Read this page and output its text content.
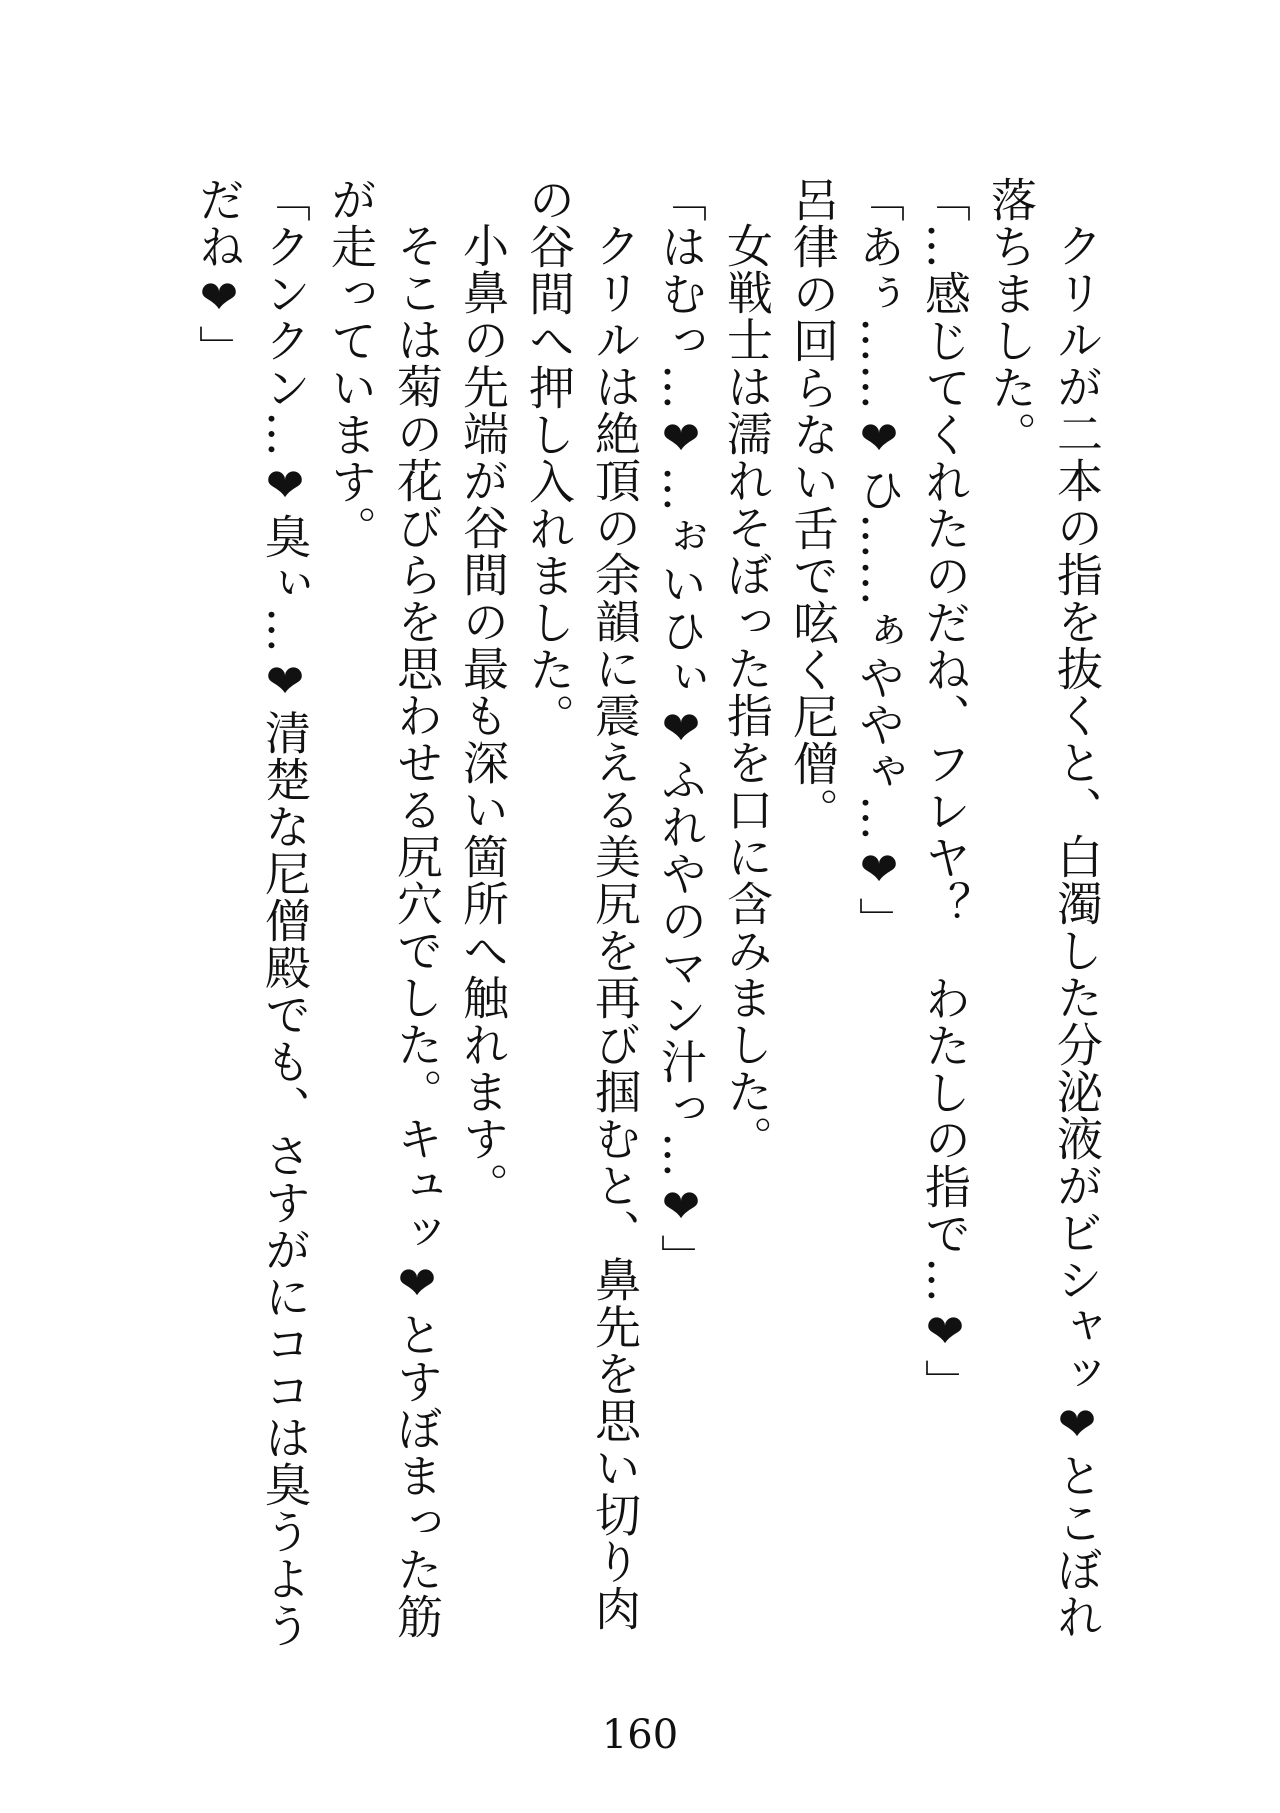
クリルが二本の指を抜くと、白濁した分泌液がビシャッ❤とこぼれ落ちました。

「…感じてくれたのだね、フレヤ？　わたしの指で…❤」

「あぅ……❤ひ……ぁややゃ…❤」

呂律の回らない舌で呟く尼僧。

女戦士は濡れそぼった指を口に含みました。

「はむっ…❤…ぉいひぃ❤ふれやのマン汁っ…❤」

クリルは絶頂の余韻に震える美尻を再び掴むと、鼻先を思い切り肉の谷間へ押し入れました。

小鼻の先端が谷間の最も深い箇所へ触れます。

そこは菊の花びらを思わせる尻穴でした。キュッ❤とすぼまった筋が走っています。

「クンクン…❤臭ぃ…❤清楚な尼僧殿でも、さすがにココは臭うようだね❤」

160
